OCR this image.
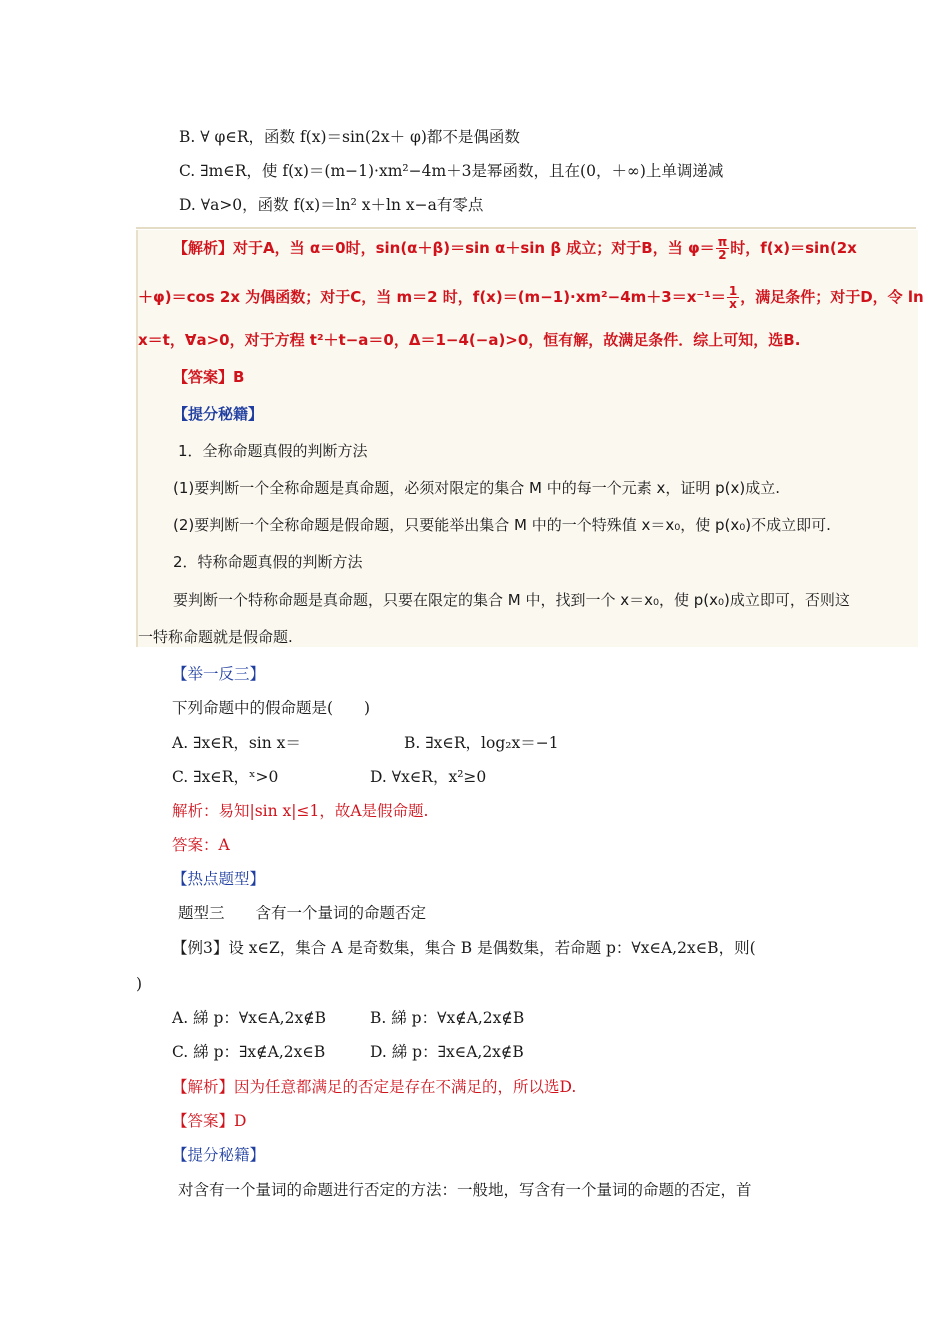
B. ∀ φ∈R，函数 f(x)＝sin(2x＋ φ)都不是偶函数
C. ∃m∈R，使 f(x)＝(m−1)·xm²−4m＋3是幂函数，且在(0，＋∞)上单调递减
D. ∀a>0，函数 f(x)＝ln² x＋ln x−a有零点
【解析】对于A，当 α＝0时，sin(α＋β)＝sin α＋sin β 成立；对于B，当 $\varphi= \frac{\pi}{2}$ 时，f(x)＝sin(2x
＋φ)＝cos 2x 为偶函数；对于C，当 m＝2 时，$f(x)=(m-1)\cdot xm^2-4m+3=x^{-1}= \frac{1}{x}$ ，满足条件；对于D，令 ln
x＝t，∀a>0，对于方程 t²＋t−a＝0，Δ＝1−4(−a)>0，恒有解，故满足条件．综上可知，选B.
【答案】B
【提分秘籍】
1．全称命题真假的判断方法
(1)要判断一个全称命题是真命题，必须对限定的集合 M 中的每一个元素 x，证明 p(x)成立.
(2)要判断一个全称命题是假命题，只要能举出集合 M 中的一个特殊值 x＝x₀，使 p(x₀)不成立即可.
2．特称命题真假的判断方法
要判断一个特称命题是真命题，只要在限定的集合 M 中，找到一个 x＝x₀，使 p(x₀)成立即可，否则这
一特称命题就是假命题.
【举一反三】
下列命题中的假命题是(　　)
A. ∃x∈R，sin x＝	B. ∃x∈R，log₂x＝−1
C. ∃x∈R，ˣ>0	D. ∀x∈R，x²≥0
解析：易知|sin x|≤1，故A是假命题.
答案：A
【热点题型】
题型三　　含有一个量词的命题否定
【例3】设 x∈Z，集合 A 是奇数集，集合 B 是偶数集，若命题 p：∀x∈A,2x∈B，则(
)
A. 綈 p：∀x∈A,2x∉B	B. 綈 p：∀x∉A,2x∉B
C. 綈 p：∃x∉A,2x∈B	D. 綈 p：∃x∈A,2x∉B
【解析】因为任意都满足的否定是存在不满足的，所以选D.
【答案】D
【提分秘籍】
对含有一个量词的命题进行否定的方法：一般地，写含有一个量词的命题的否定，首
